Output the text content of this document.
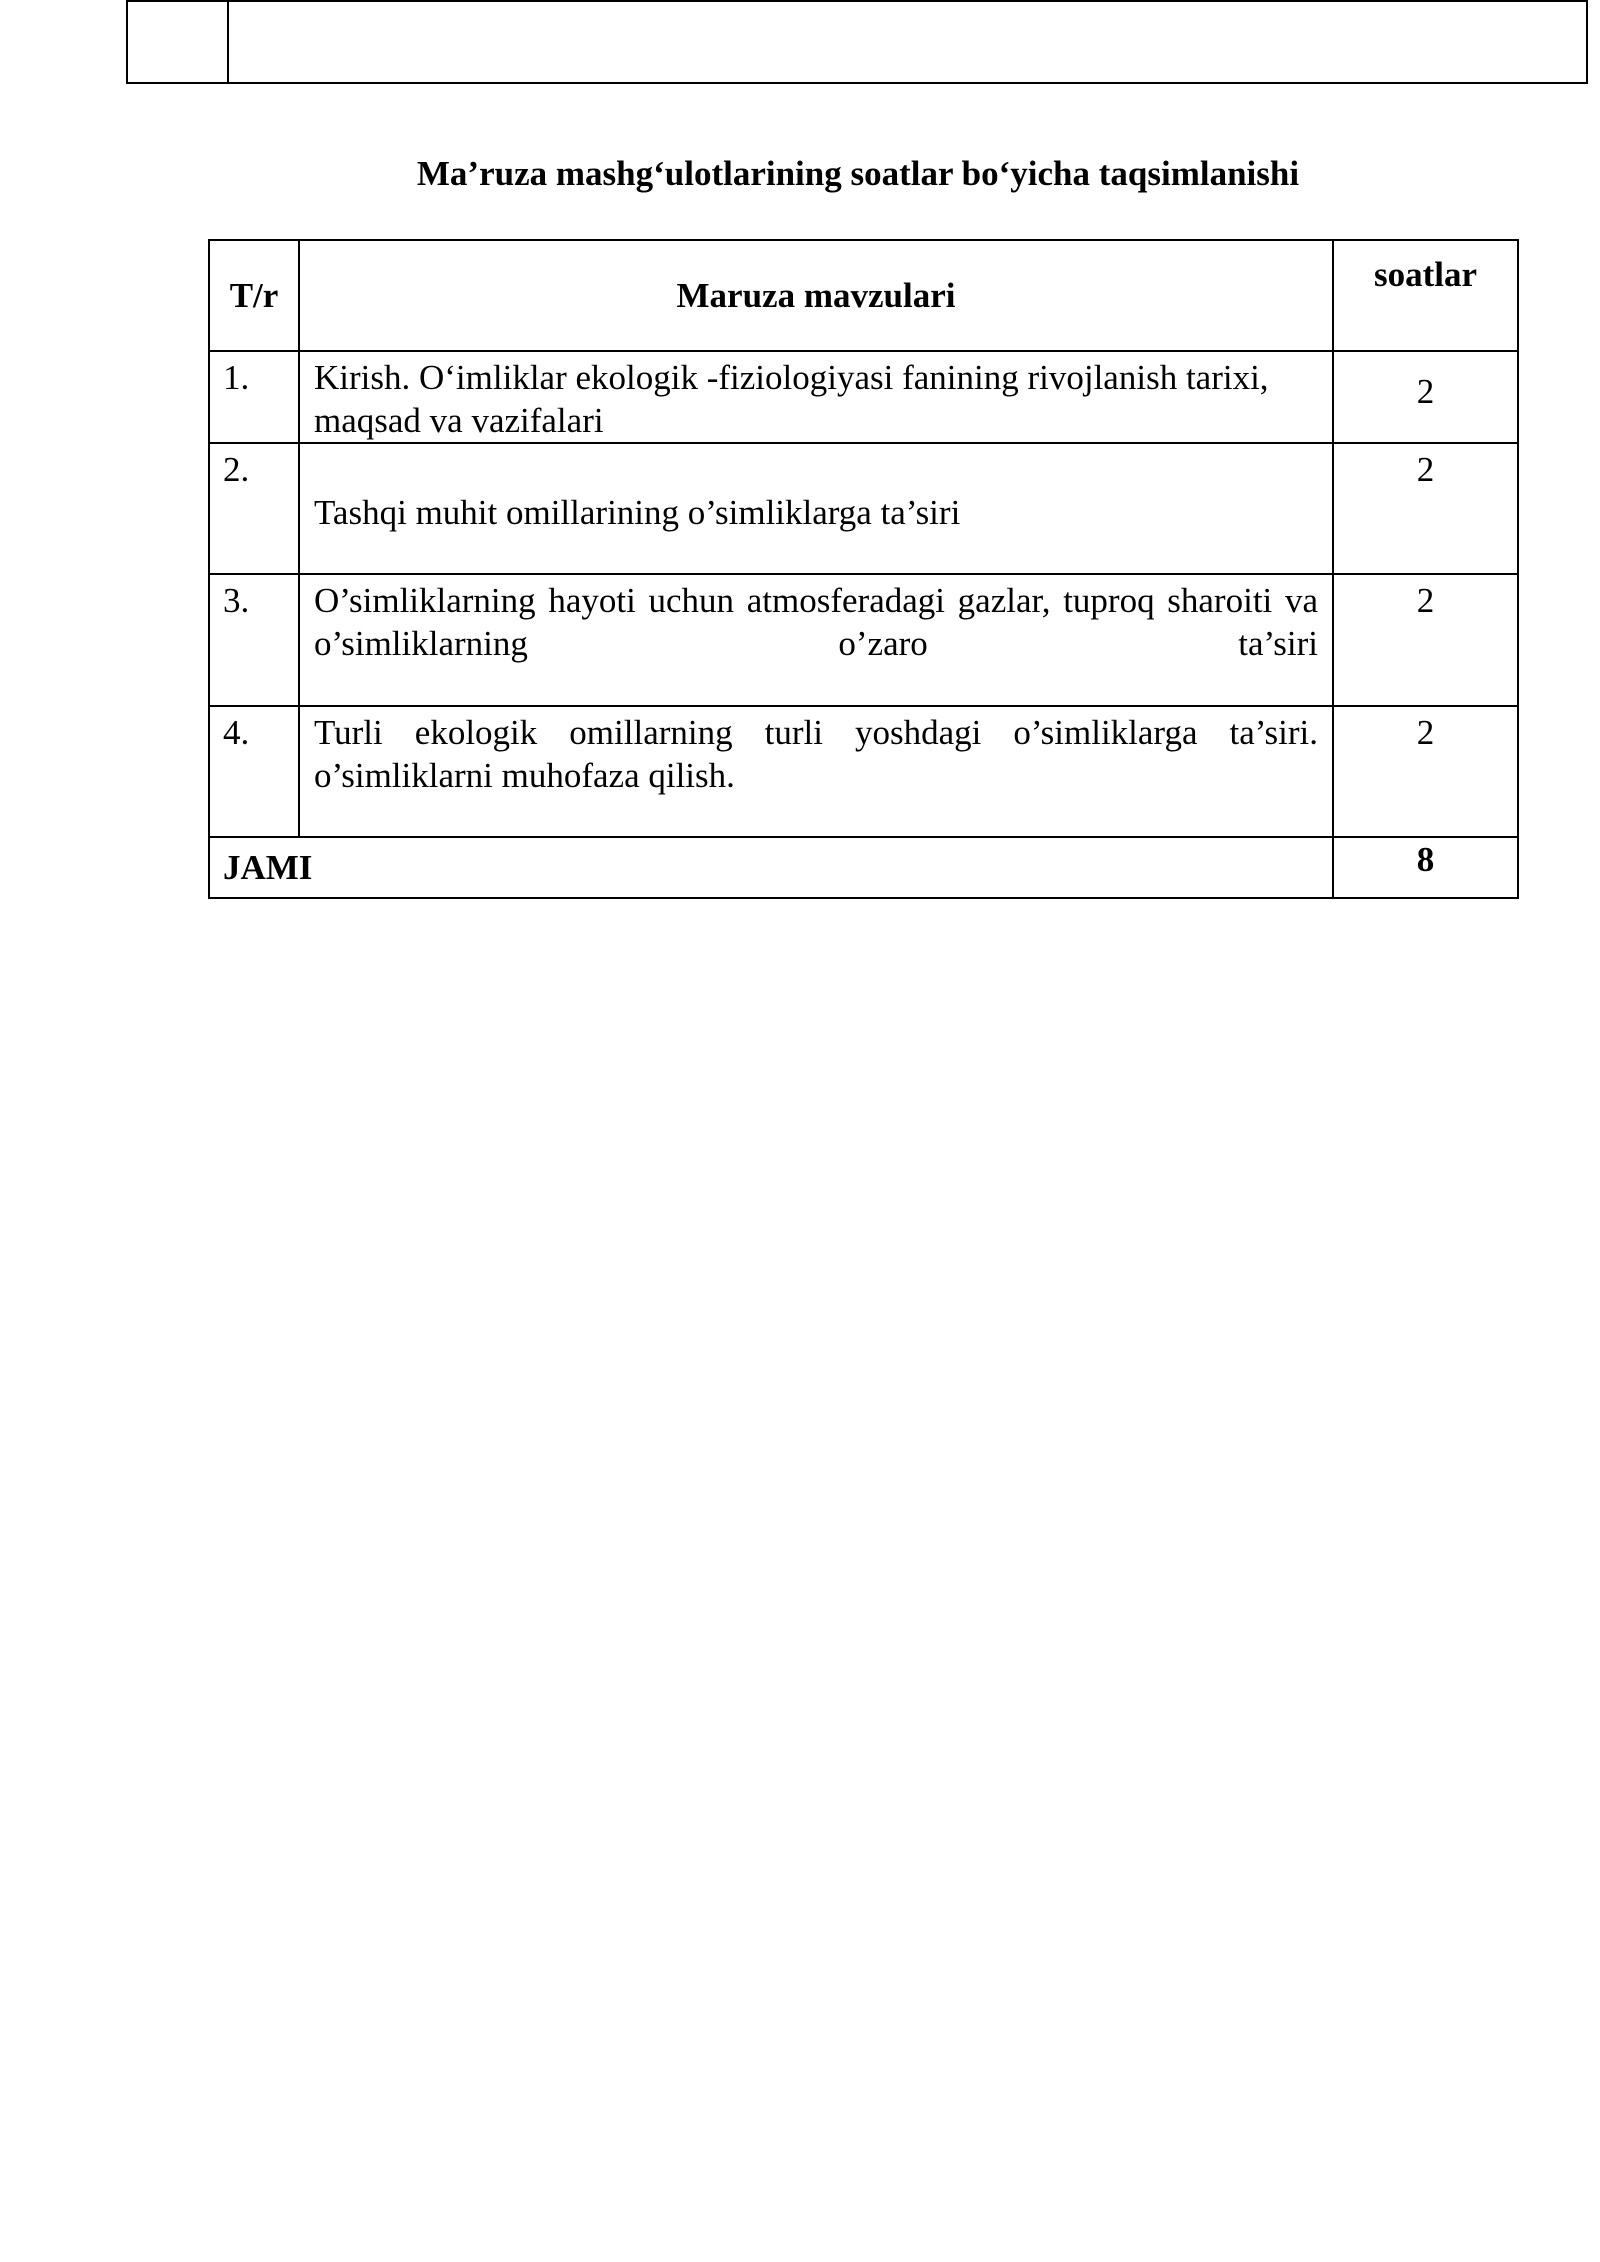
Ma’ruza mashg‘ulotlarining soatlar bo‘yicha taqsimlanishi
T/r	Maruza mavzulari	soatlar
1.	Kirish. O‘imliklar ekologik -fiziologiyasi fanining rivojlanish tarixi, maqsad va vazifalari	2
2.	Tashqi muhit omillarining o’simliklarga ta’siri	2
3.	O’simliklarning hayoti uchun atmosferadagi gazlar, tuproq sharoiti va o’simliklarning o’zaro ta’siri	2
4.	Turli ekologik omillarning turli yoshdagi o’simliklarga ta’siri. o’simliklarni muhofaza qilish.	2
JAMI		8
